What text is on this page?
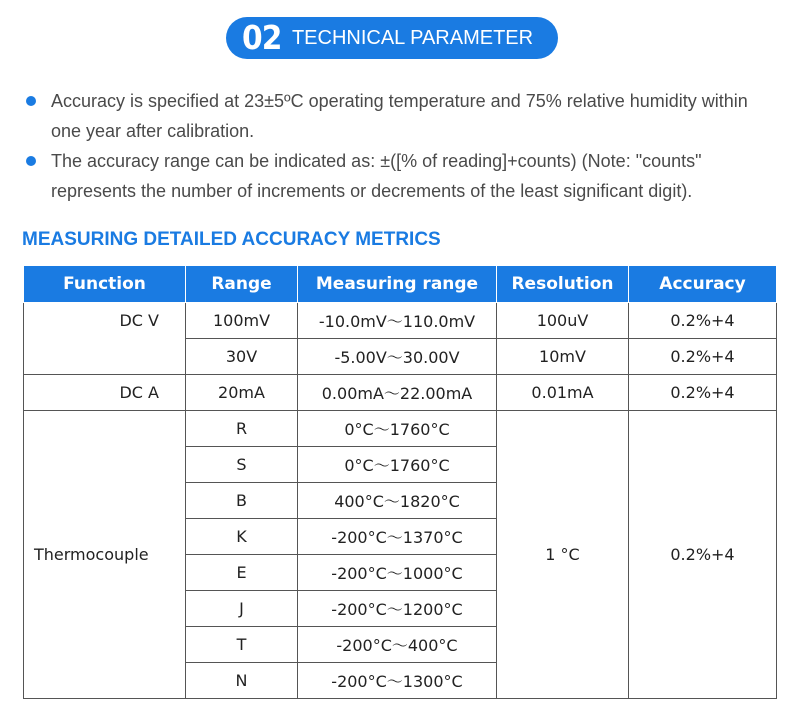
02 TECHNICAL PARAMETER
Accuracy is specified at 23±5ºC operating temperature and 75% relative humidity within one year after calibration.
The accuracy range can be indicated as: ±([% of reading]+counts) (Note: "counts" represents the number of increments or decrements of the least significant digit).
MEASURING DETAILED ACCURACY METRICS
Function	Range	Measuring range	Resolution	Accuracy
DC V	100mV	-10.0mV～110.0mV	100uV	0.2%+4
	30V	-5.00V～30.00V	10mV	0.2%+4
DC A	20mA	0.00mA～22.00mA	0.01mA	0.2%+4
Thermocouple	R	0°C～1760°C	1 °C	0.2%+4
	S	0°C～1760°C		
	B	400°C～1820°C		
	K	-200°C～1370°C		
	E	-200°C～1000°C		
	J	-200°C～1200°C		
	T	-200°C～400°C		
	N	-200°C～1300°C		
